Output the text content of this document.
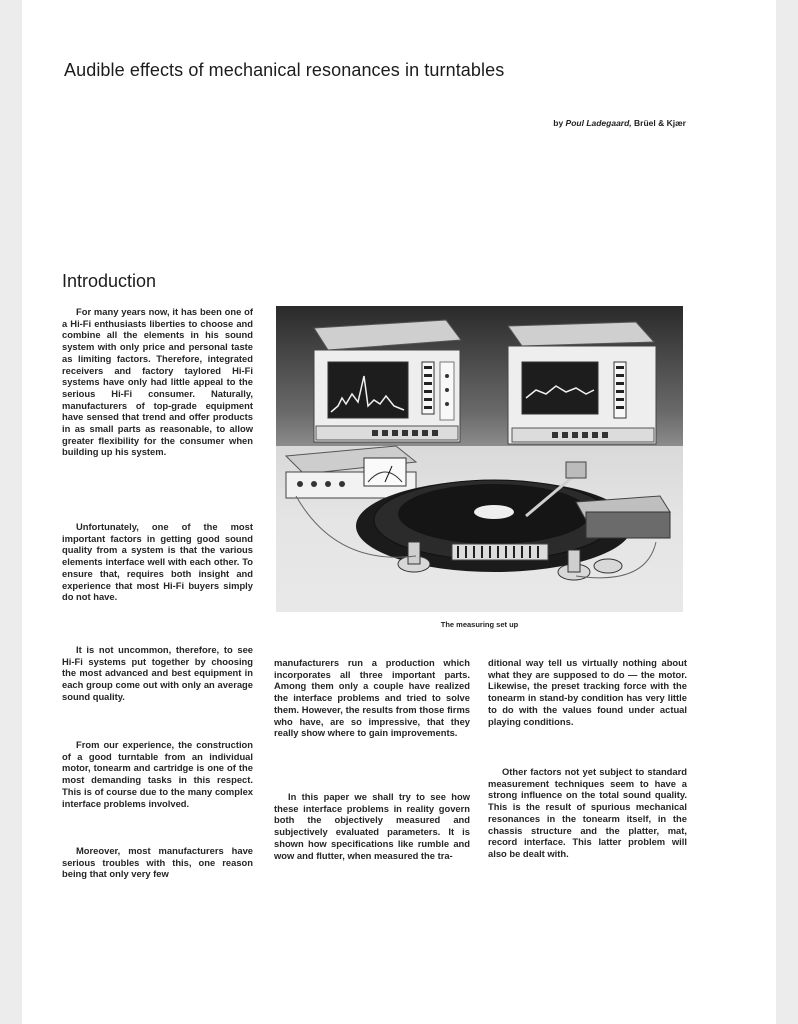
Audible effects of mechanical resonances in turntables
by Poul Ladegaard, Brüel & Kjær
Introduction

For many years now, it has been one of a Hi-Fi enthusiasts liberties to choose and combine all the elements in his sound system with only price and personal taste as limiting factors. Therefore, integrated receivers and factory taylored Hi-Fi systems have only had little appeal to the serious Hi-Fi consumer. Naturally, manufacturers of top-grade equipment have sensed that trend and offer products in as small parts as reasonable, to allow greater flexibility for the consumer when building up his system.

Unfortunately, one of the most important factors in getting good sound quality from a system is that the various elements interface well with each other. To ensure that, requires both insight and experience that most Hi-Fi buyers simply do not have.

It is not uncommon, therefore, to see Hi-Fi systems put together by choosing the most advanced and best equipment in each group come out with only an average sound quality.

From our experience, the construction of a good turntable from an individual motor, tonearm and cartridge is one of the most demanding tasks in this respect. This is of course due to the many complex interface problems involved.

Moreover, most manufacturers have serious troubles with this, one reason being that only very few

The measuring set up

manufacturers run a production which incorporates all three important parts. Among them only a couple have realized the interface problems and tried to solve them. However, the results from those firms who have, are so impressive, that they really show where to gain improvements.

In this paper we shall try to see how these interface problems in reality govern both the objectively measured and subjectively evaluated parameters. It is shown how specifications like rumble and wow and flutter, when measured the tra-

ditional way tell us virtually nothing about what they are supposed to do — the motor. Likewise, the preset tracking force with the tonearm in stand-by condition has very little to do with the values found under actual playing conditions.

Other factors not yet subject to standard measurement techniques seem to have a strong influence on the total sound quality. This is the result of spurious mechanical resonances in the tonearm itself, in the chassis structure and the platter, mat, record interface. This latter problem will also be dealt with.
